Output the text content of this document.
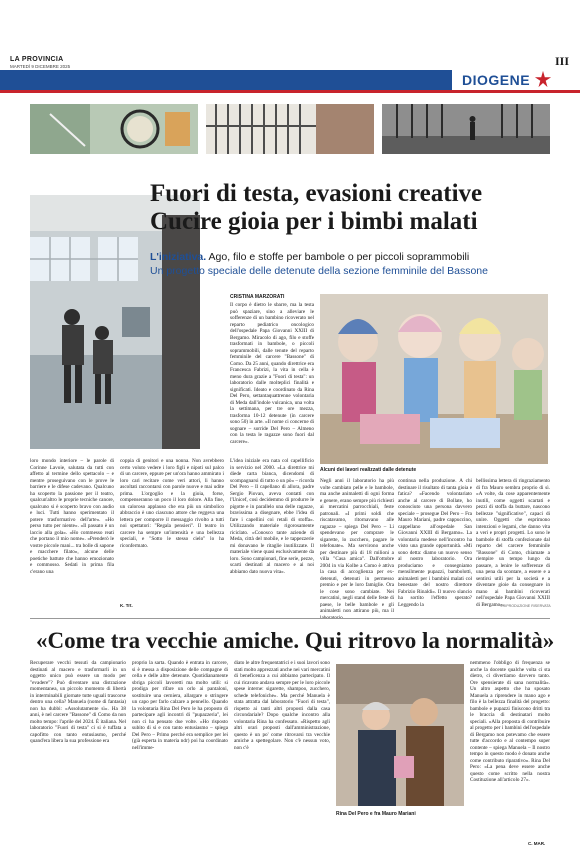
LA PROVINCIA
MARTEDÌ 9 DICEMBRE 2025	III
DIOGENE
MAN
Fuori di testa, evasioni creative
Cucire gioia per i bimbi malati
L'iniziativa. Ago, filo e stoffe per bambole o per piccoli soprammobili
Un progetto speciale delle detenute della sezione femminile del Bassone
CRISTINA MARZORATI
Il corpo è dietro le sbarre, ma la testa può spaziare, sino a alleviare le sofferenze di un bambino ricoverato nel reparto pediatrico oncologico dell'ospedale Papa Giovanni XXIII di Bergamo. Miracolo di ago, filo e stoffe trasformati in bambole, o piccoli soprammobili, dalle tenute del reparto femminile del carcere "Bassone" di Como. Da 25 anni, quando direttrice era Francesca Fabrizi, la vita in cella è meno dura grazie a "Fuori di testa": un laboratorio dalle molteplici finalità e significati. Ideato e coordinato da Rina Del Pero, settantaquattrenne volontaria di Meda dall'indole vulcanica, una volta la settimana, per tre ore mezza, trasforma 10-12 detenute (in carcere sono 50) in arte. «Il nome ci concerne di sognare – sorride Del Pero – Almeno con la testa le ragazze sono fuori dal carcere».
Alcuni dei lavori realizzati dalle detenute
L'idea iniziale era nata col capellificio in servizio nel 2000. «La direttrice mi diede carta bianca, dicendomi di scompagnarsi di tutto o un pò» – ricorda Del Pero – Il capellano di allora, padre Sergio Piovan, aveva contatti con l'Unicef, così decidemmo di produrre le pigotte e in parallelo una delle ragazze, bravissima a disegnare, ebbe l'idea di fare i capellini coi retali di stoffa». Utilizzando materiale rigorosamente riciclato. «Conosco tante aziende di Meda, città del mobile, e le tappezzerie mi donavano le ritaglie inutilizzate. Il materiale viene quasi esclusivamente da loro. Sono campionari, fine serie, pezze, scarti destinati al macero e ai noi abbiamo dato nuova vita».
Negli anni il laboratorio ha più volte cambiato pelle e le bambole, ma anche animaletti di ogni forma e genere, erano sempre più richiesti ai mercatini parrocchiali, feste patronali. «I primi soldi che riscatavamo, ritornavano alle ragazze – spiega Del Pero – Li spendevano per comprare le sigarette, lo zucchero, pagare le telefonate». Ma servirono anche per destinare più di 18 milioni a villa "Casa amica". Dall'ottobre 2004 in via Kolbe a Como è attiva la casa di accoglienza per ex-detenuti, detenuti in permesso premio e per le loro famiglie. Ora le cose sono cambiate. Nei mercatini, negli stand delle feste di paese, le belle bambole e gli animaletti non attirano più, ma il
continua nella produzione. A chi destinare il risultato di tanta gioia e fatica? «Facendo volontariato anche al carcere di Bollate, ho conosciuto una persona davvero speciale – prosegue Del Pero – Fra Mauro Mariani, padre cappuccino, cappellano all'ospedale San Giovanni XXIII di Bergamo». La volontaria medese nell'incontro ha visto una grande opportunità. «Mi sono detta: diamo un nuovo senso al nostro laboratorio. Ora produciamo e consegniamo mensilmente pupazzi, bambolotti, animaletti per i bambini malati col benestare del nostro direttore Fabrizio Rinaldi». Il nuovo slancio ha sortito l'effetto sperato? Leggendo la
bellissima lettera di ringraziamento di fra Mauro sembra proprio di sì. «A volte, da cose apparentemente inutili, come oggetti scartati e pezzi di stoffa da buttare, nascono bellezze "significative", capaci di unire. Oggetti che esprimono intenzioni e legami, che danno vita a veri e propri progetti. Lo sono le bambole di stoffa confezionate dal reparto del carcere femminile "Bassone" di Como, chiamate a riempire un tempo lungo da passare, a lenire le sofferenze di una pena da scontare, a essere e a sentirsi utili per la società e a diventare gioie da consegnare in mano ai bambini ricoverati nell'ospedale Papa Giovanni XXIII di Bergamo».
©RIPRODUZIONE RISERVATA
loro mondo interiore – le parole di Corinne Lavoie, salutata da tutti con affetto al termine dello spettacolo – e mentre proseguivano con le prove le barriere e le difese cadevano. Qualcuno ha scoperto la passione per il teatro, qualcun'altro le proprie tecniche canore, qualcuno si è scoperto bravo con audio e luci. Tutti hanno sperimentato il potere trasformativo dell'arte». «Ho perso tutto per niente». «Il passato è un laccio alla gola». «Ho commesso reati che portano il mio nome». «Prenderò le vostre piccole mani... tra bolle di sapone e macchere filato», alcune delle poetiche battute che hanno emozionato e commosso. Sedati in prima fila c'erano una
coppia di genitori e una nonna. Non avrebbero certo voluto vedere i loro figli e nipoti sul palco di un carcere, eppure per un'ora hanno ammirato i loro cari recitare come veri attori, li hanno ascoltati raccontarsi con parole nuove e mai udite prima. L'orgoglio e la gioia, forse, compenseranno un poco il loro dolore. Alla fine, un caloroso applauso che era più un simbolico abbraccio è uno ciascuno attore che reggeva una lettera per comporre il messaggio rivolto a tutti noi spettatori: "Regala pensieri". Il teatro in carcere ha sempre un'intensità e una bellezza speciali, e "Sotto le stesso cielo" lo ha riconfermato.
K. Trt.
«Come tra vecchie amiche. Qui ritrovo la normalità»
Recuperare vecchi tessuti da campionario destinati al macero e trasformarli in un oggetto unico può essere un modo per "evadere"? Può diventare una distrazione momentanea, un piccolo momento di libertà in interminabili giornate tutte uguali trascorse dentro una cella? Manuela (nome di fantasia) non ha dubbi: «Assolutamente sì». Ha 38 anni, è nel carcere "Bassone" di Como da non molto tempo: l'aprile del 2024. È italiana. Nel laboratorio "Fuori di testa" ci si è tuffata a capofitto con tanto entusiasmo, perché quand'era libera la sua professione era
proprio la sarta. Quando è entrata in carcere, si è messa a disposizione delle compagne di cella e delle altre detenute. Quotidianamente sbriga piccoli lavoretti ma molto utili: si prodiga per rifare un orlo ai pantaloni, sostituire una cerniera, allargare o stringere un capo per farlo calzare a pennello. Quando la volontaria Rina Del Pero le ha proposto di partecipare agli incontri di "pupazzeria", lei non ci ha pensato due volte. «Ho risposto subito di sì e con tanto entusiasmo – spiega Del Pero – Primo perché era semplice per lei (già esperta in materia ndr) poi ha coordinato nell'imme-
diato le altre frequentatrici e i suoi lavori sono stati molto apprezzati anche nei vari mercatini di beneficenza a cui abbiamo partecipato. Il cui ricavato andava sempre per le loro piccole spese interne: sigarette, shampoo, zucchero, schede telefoniche». Ma perché Manuela è stata attratta dal laboratorio "Fuori di testa", rispetto ai tanti altri proposti dalla casa circondariale? Dopo qualche incontro alla volontaria Rina ha confessato. «Rispetto agli altri orari proposti dall'amministrazione, questo è un po' come ritrovarsi tra vecchie amiche a spettegolare. Non c'è nessun voto, non c'è
Rina Del Pero e fra Mauro Mariani
nemmeno l'obbligo di frequenza se anche la docente qualche volta ci sta dietro, ci divertiamo davvero tanto. Ore spensierate di sana normalità». Un altro aspetto che ha sposato Manuela a riprendere in mano ago e filo è la bellezza finalità del progetto: bambole e pupazzi finiscono dritti tra le braccia di destinatari molto speciali. «Alla proposta di contribuire al progetto per i bambini dell'ospedale di Bergamo non potevamo che essere tutte d'accordo e al contempo super contente – spiega Manuela – Il nostro tempo in questo modo è donato anche come contributo riparativo». Rina Del Pero: «La pena deve essere anche questo come scritto nella nostra Costituzione all'articolo 27».
C. MAR.
